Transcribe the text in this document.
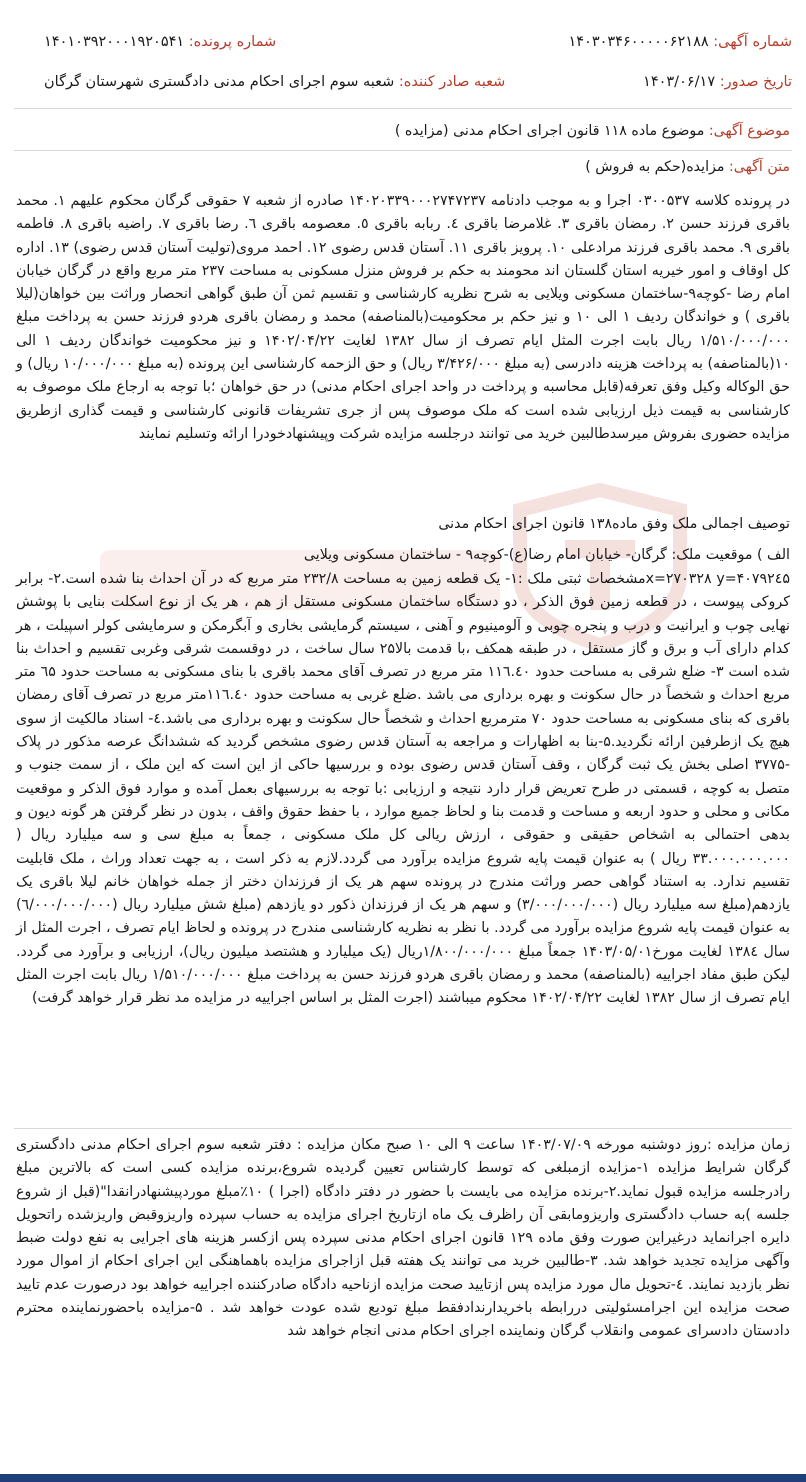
شماره آگهی: ۱۴۰۳۰۳۴۶۰۰۰۰۰۶۲۱۸۸
شماره پرونده: ۱۴۰۱۰۳۹۲۰۰۰۱۹۲۰۵۴۱
تاریخ صدور: ۱۴۰۳/۰۶/۱۷
شعبه صادر کننده: شعبه سوم اجرای احکام مدنی دادگستری شهرستان گرگان
موضوع آگهی: موضوع ماده ۱۱۸ قانون اجرای احکام مدنی (مزایده )
متن آگهی: مزایده(حکم به فروش )
در پرونده کلاسه ۰۳۰۰۵۳۷ اجرا و به موجب دادنامه ۱۴۰۲۰۳۳۹۰۰۰۲۷۴۷۲۳۷ صادره از شعبه ۷ حقوقی گرگان محکوم علیهم ۱. محمد باقری فرزند حسن ۲. رمضان باقری ۳. غلامرضا باقری ٤. ربابه باقری ٥. معصومه باقری ٦. رضا باقری ۷. راضیه باقری ۸. فاطمه باقری ۹. محمد باقری فرزند مرادعلی ۱۰. پرویز باقری ۱۱. آستان قدس رضوی ۱۲. احمد مروی(تولیت آستان قدس رضوی) ۱۳. اداره کل اوقاف و امور خیریه استان گلستان اند محومند به حکم بر فروش منزل مسکونی به مساحت ۲۳۷ متر مربع واقع در گرگان خیابان امام رضا -کوچه۹-ساختمان مسکونی ویلایی به شرح نظریه کارشناسی و تقسیم ثمن آن طبق گواهی انحصار وراثت بین خواهان(لیلا باقری ) و خواندگان ردیف ۱ الی ۱۰ و نیز حکم بر محکومیت(بالمناصفه) محمد و رمضان باقری هردو فرزند حسن به پرداخت مبلغ ۱/۵۱۰/۰۰۰/۰۰۰ ریال بابت اجرت المثل ایام تصرف از سال ۱۳۸۲ لغایت ۱۴۰۲/۰۴/۲۲ و نیز محکومیت خواندگان ردیف ۱ الی ۱۰(بالمناصفه) به پرداخت هزینه دادرسی (به مبلغ ۳/۴۲۶/۰۰۰ ریال) و حق الزحمه کارشناسی این پرونده (به مبلغ ۱۰/۰۰۰/۰۰۰ ریال) و حق الوکاله وکیل وفق تعرفه(قابل محاسبه و پرداخت در واحد اجرای احکام مدنی) در حق خواهان ؛با توجه به ارجاع ملک موصوف به کارشناسی به قیمت ذیل ارزیابی شده است که ملک موصوف پس از جری تشریفات قانونی کارشناسی و قیمت گذاری ازطریق مزایده حضوری بفروش میرسدطالبین خرید می توانند درجلسه مزایده شرکت وپیشنهادخودرا ارائه وتسلیم نمایند
توصیف اجمالی ملک وفق ماده۱۳۸ قانون اجرای احکام مدنی
الف ) موقعیت ملک: گرگان- خیابان امام رضا(ع)-کوچه۹ - ساختمان مسکونی ویلایی
x=۲۷۰۳۲۸ y=۴۰۷۹۲٤۵مشخصات ثبتی ملک :۱- یک قطعه زمین به مساحت ۲۳۲/۸ متر مربع که در آن احداث بنا شده است.۲- برابر کروکی پیوست ، در قطعه زمین فوق الذکر ، دو دستگاه ساختمان مسکونی مستقل از هم ، هر یک از نوع اسکلت بنایی با پوشش نهایی چوب و ایرانیت و درب و پنجره چوبی و آلومینیوم و آهنی ، سیستم گرمایشی بخاری و آبگرمکن و سرمایشی کولر اسپیلت ، هر کدام دارای آب و برق و گاز مستقل ، در طبقه همکف ،با قدمت بالا۲۵ سال ساخت ، در دوقسمت شرقی وغربی تقسیم و احداث بنا شده است ۳- ضلع شرقی به مساحت حدود ۱۱٦.٤۰ متر مربع در تصرف آقای محمد باقری با بنای مسکونی به مساحت حدود ٦۵ متر مربع احداث و شخصاً در حال سکونت و بهره برداری می باشد .ضلع غربی به مساحت حدود ۱۱٦.٤۰متر مربع در تصرف آقای رمضان باقری که بنای مسکونی به مساحت حدود ۷۰ مترمربع احداث و شخصاً حال سکونت و بهره برداری می باشد.٤- اسناد مالکیت از سوی هیچ یک ازطرفین ارائه نگردید.۵-بنا به اظهارات و مراجعه به آستان قدس رضوی مشخص گردید که ششدانگ عرصه مذکور در پلاک -۳۷۷۵ اصلی بخش یک ثبت گرگان ، وقف آستان قدس رضوی بوده و بررسیها حاکی از این است که این ملک ، از سمت جنوب و متصل به کوچه ، قسمتی در طرح تعریض قرار دارد نتیجه و ارزیابی :با توجه به بررسیهای بعمل آمده و موارد فوق الذکر و موقعیت مکانی و محلی و حدود اربعه و مساحت و قدمت بنا و لحاظ جمیع موارد ، با حفظ حقوق واقف ، بدون در نظر گرفتن هر گونه دیون و بدهی احتمالی به اشخاص حقیقی و حقوقی ، ارزش ریالی کل ملک مسکونی ، جمعاً به مبلغ سی و سه میلیارد ریال ( ۳۳.۰۰۰.۰۰۰.۰۰۰ ریال ) به عنوان قیمت پایه شروع مزایده برآورد می گردد.لازم به ذکر است ، به جهت تعداد وراث ، ملک قابلیت تقسیم ندارد. به استناد گواهی حصر وراثت مندرج در پرونده سهم هر یک از فرزندان دختر از جمله خواهان خانم لیلا باقری یک یازدهم(مبلغ سه میلیارد ریال (۳/۰۰۰/۰۰۰/۰۰۰) و سهم هر یک از فرزندان ذکور دو یازدهم (مبلغ شش میلیارد ریال (٦/۰۰۰/۰۰۰/۰۰۰) به عنوان قیمت پایه شروع مزایده برآورد می گردد. با نظر به نظریه کارشناسی مندرج در پرونده و لحاظ ایام تصرف ، اجرت المثل از سال ۱۳۸٤ لغایت مورخ۱۴۰۳/۰۵/۰۱ جمعاً مبلغ ۱/۸۰۰/۰۰۰/۰۰۰ریال (یک میلیارد و هشتصد میلیون ریال)، ارزیابی و برآورد می گردد. لیکن طبق مفاد اجراییه (بالمناصفه) محمد و رمضان باقری هردو فرزند حسن به پرداخت مبلغ ۱/۵۱۰/۰۰۰/۰۰۰ ریال بابت اجرت المثل ایام تصرف از سال ۱۳۸۲ لغایت ۱۴۰۲/۰۴/۲۲ محکوم میباشند (اجرت المثل بر اساس اجراییه در مزایده مد نظر قرار خواهد گرفت)
زمان مزایده :روز دوشنبه مورخه ۱۴۰۳/۰۷/۰۹ ساعت ۹ الی ۱۰ صبح مکان مزایده : دفتر شعبه سوم اجرای احکام مدنی دادگستری گرگان شرایط مزایده ۱-مزایده ازمبلغی که توسط کارشناس تعیین گردیده شروع،برنده مزایده کسی است که بالاترین مبلغ رادرجلسه مزایده قبول نماید.۲-برنده مزایده می بایست با حضور در دفتر دادگاه (اجرا ) ۱۰٪مبلغ موردپیشنهادرانقدا"(قبل از شروع جلسه )به حساب دادگستری واریزومابقی آن راظرف یک ماه ازتاریخ اجرای مزایده به حساب سپرده واریزوقبض واریزشده راتحویل دایره اجرانماید درغیراین صورت وفق ماده ۱۲۹ قانون اجرای احکام مدنی سپرده پس ازکسر هزینه های اجرایی به نفع دولت ضبط وآگهی مزایده تجدید خواهد شد. ۳-طالبین خرید می توانند یک هفته قبل ازاجرای مزایده باهماهنگی این اجرای احکام از اموال مورد نظر بازدید نمایند. ٤-تحویل مال مورد مزایده پس ازتایید صحت مزایده ازناحیه دادگاه صادرکننده اجراییه خواهد بود درصورت عدم تایید صحت مزایده این اجرامسئولیتی دررابطه باخریدارندادفقط مبلغ تودیع شده عودت خواهد شد . ۵-مزایده باحضورنماینده محترم دادستان دادسرای عمومی وانقلاب گرگان ونماینده اجرای احکام مدنی انجام خواهد شد
